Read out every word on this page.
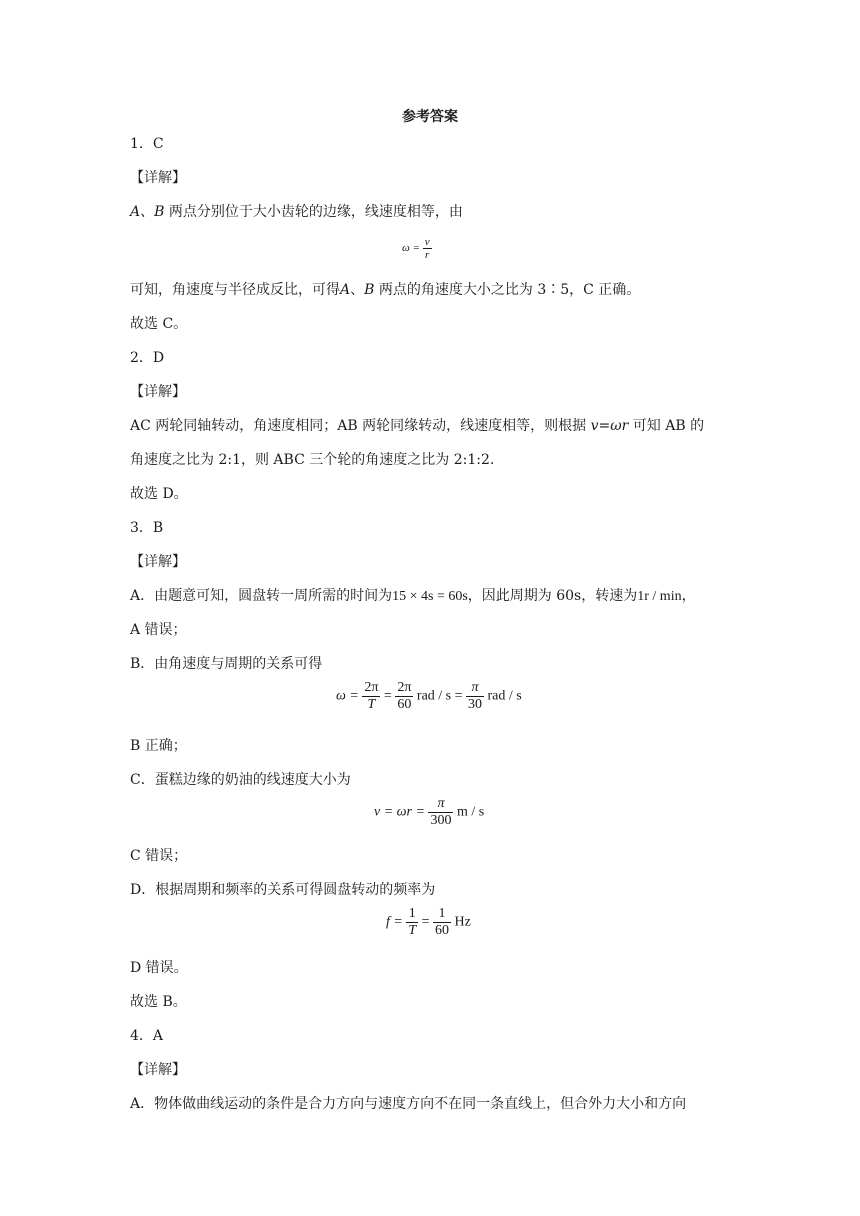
参考答案
1．C
【详解】
A、B 两点分别位于大小齿轮的边缘，线速度相等，由
$\omega = \frac{v}{r}$
可知，角速度与半径成反比，可得A、B 两点的角速度大小之比为 3∶5，C 正确。
故选 C。
2．D
【详解】
AC 两轮同轴转动，角速度相同；AB 两轮同缘转动，线速度相等，则根据 v=ωr 可知 AB 的
角速度之比为 2:1，则 ABC 三个轮的角速度之比为 2:1:2.
故选 D。
3．B
【详解】
A．由题意可知，圆盘转一周所需的时间为15 × 4s = 60s，因此周期为 60s，转速为1r / min，
A 错误；
B．由角速度与周期的关系可得
$\omega = \frac{2\pi}{T} = \frac{2\pi}{60}$ rad / $s = \frac{\pi}{30}$ rad / s
B 正确；
C．蛋糕边缘的奶油的线速度大小为
$v = \omega r = \frac{\pi}{300}$ m / s
C 错误；
D．根据周期和频率的关系可得圆盘转动的频率为
$f = \frac{1}{T} = \frac{1}{60}$ Hz
D 错误。
故选 B。
4．A
【详解】
A．物体做曲线运动的条件是合力方向与速度方向不在同一条直线上，但合外力大小和方向
